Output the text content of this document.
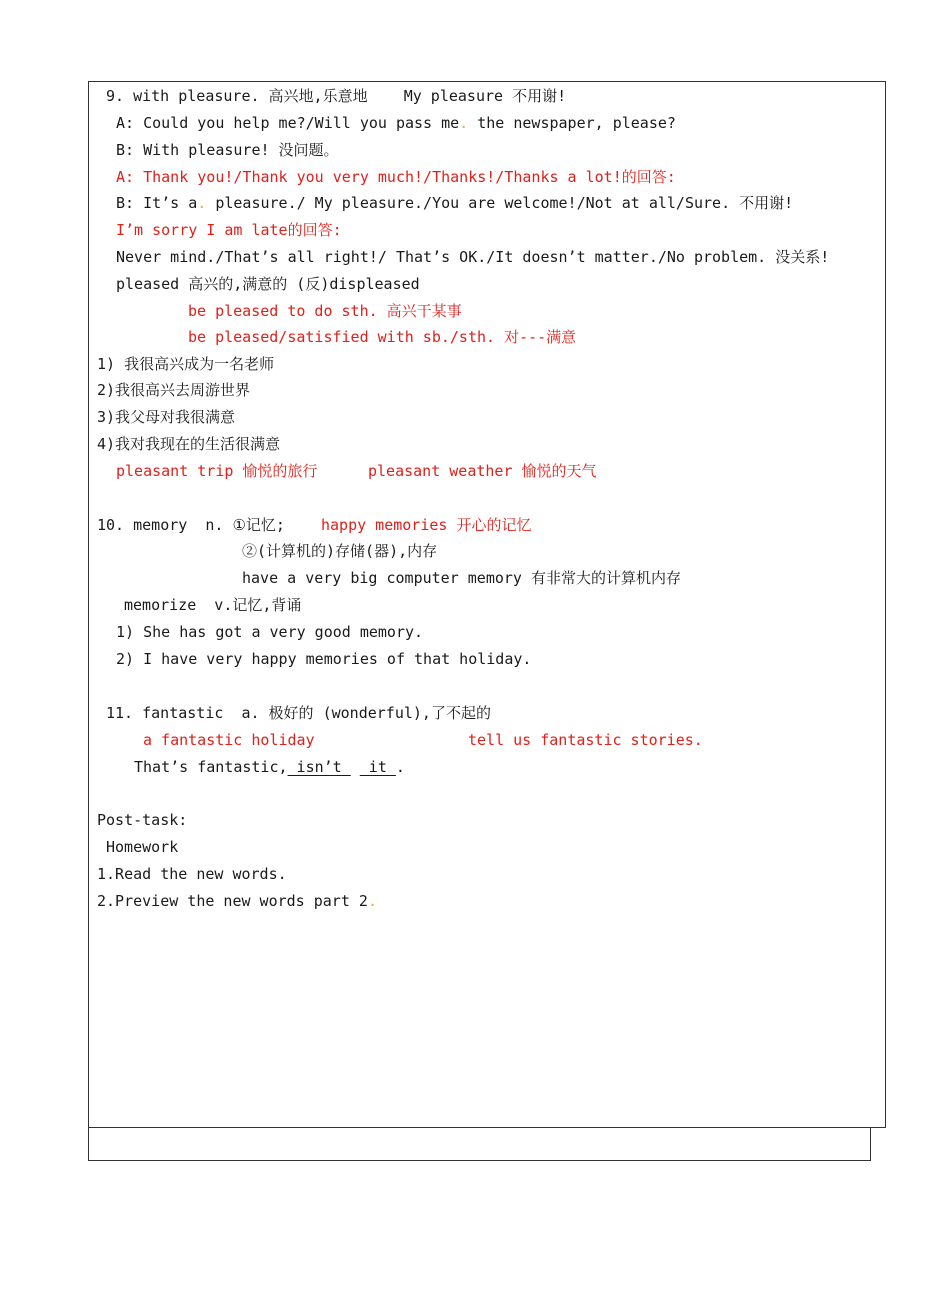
9. with pleasure. 高兴地,乐意地    My pleasure 不用谢!
A: Could you help me?/Will you pass me. the newspaper, please?
B: With pleasure! 没问题。
A: Thank you!/Thank you very much!/Thanks!/Thanks a lot!的回答:
B: It’s a. pleasure./ My pleasure./You are welcome!/Not at all/Sure. 不用谢!
I’m sorry I am late的回答:
Never mind./That’s all right!/ That’s OK./It doesn’t matter./No problem. 没关系!
pleased 高兴的,满意的 (反)displeased
be pleased to do sth. 高兴干某事
be pleased/satisfied with sb./sth. 对---满意
1) 我很高兴成为一名老师
2)我很高兴去周游世界
3)我父母对我很满意
4)我对我现在的生活很满意
pleasant trip 愉悦的旅行	pleasant weather 愉悦的天气
10. memory  n. ①记忆; happy memories 开心的记忆
②(计算机的)存储(器),内存
have a very big computer memory 有非常大的计算机内存
memorize  v.记忆,背诵
1) She has got a very good memory.
2) I have very happy memories of that holiday.
11. fantastic  a. 极好的 (wonderful),了不起的
a fantastic holiday	tell us fantastic stories.
That’s fantastic, isn’t   it .
Post-task:
Homework
1.Read the new words.
2.Preview the new words part 2.
